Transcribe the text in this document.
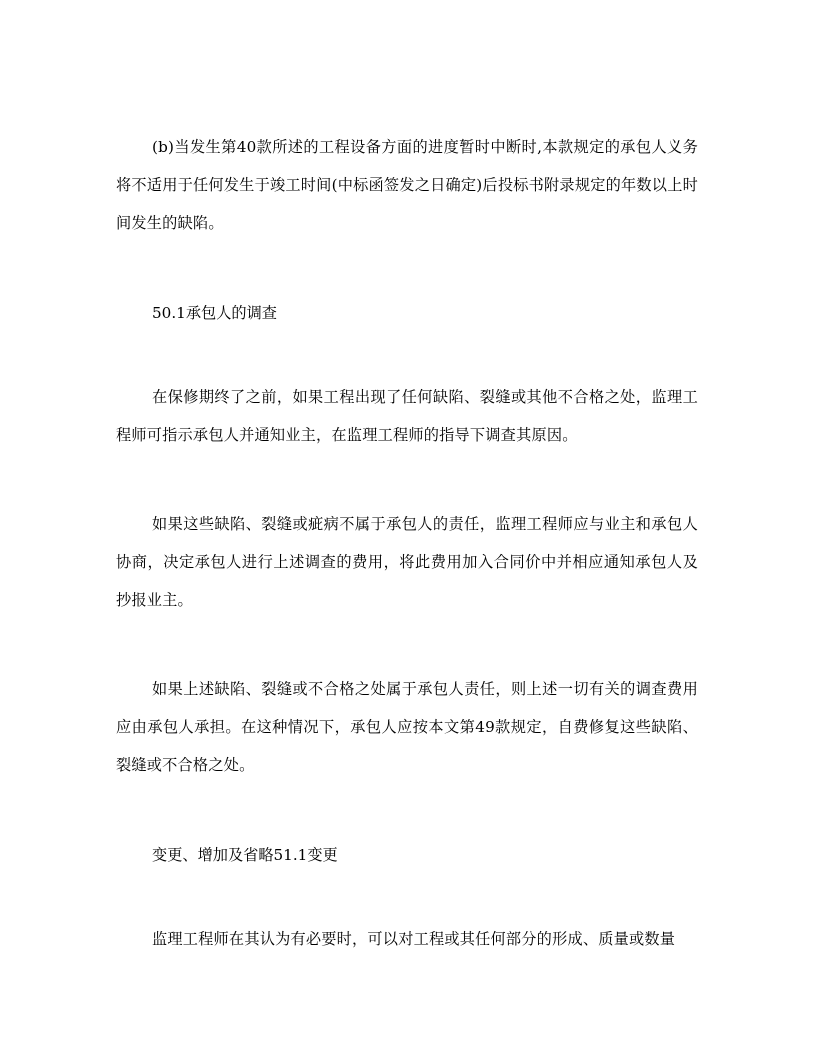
(b)当发生第40款所述的工程设备方面的进度暂时中断时,本款规定的承包人义务将不适用于任何发生于竣工时间(中标函签发之日确定)后投标书附录规定的年数以上时间发生的缺陷。

50.1承包人的调查

在保修期终了之前，如果工程出现了任何缺陷、裂缝或其他不合格之处，监理工程师可指示承包人并通知业主，在监理工程师的指导下调查其原因。

如果这些缺陷、裂缝或疵病不属于承包人的责任，监理工程师应与业主和承包人协商，决定承包人进行上述调查的费用，将此费用加入合同价中并相应通知承包人及抄报业主。

如果上述缺陷、裂缝或不合格之处属于承包人责任，则上述一切有关的调查费用应由承包人承担。在这种情况下，承包人应按本文第49款规定，自费修复这些缺陷、裂缝或不合格之处。

变更、增加及省略51.1变更

监理工程师在其认为有必要时，可以对工程或其任何部分的形成、质量或数量
